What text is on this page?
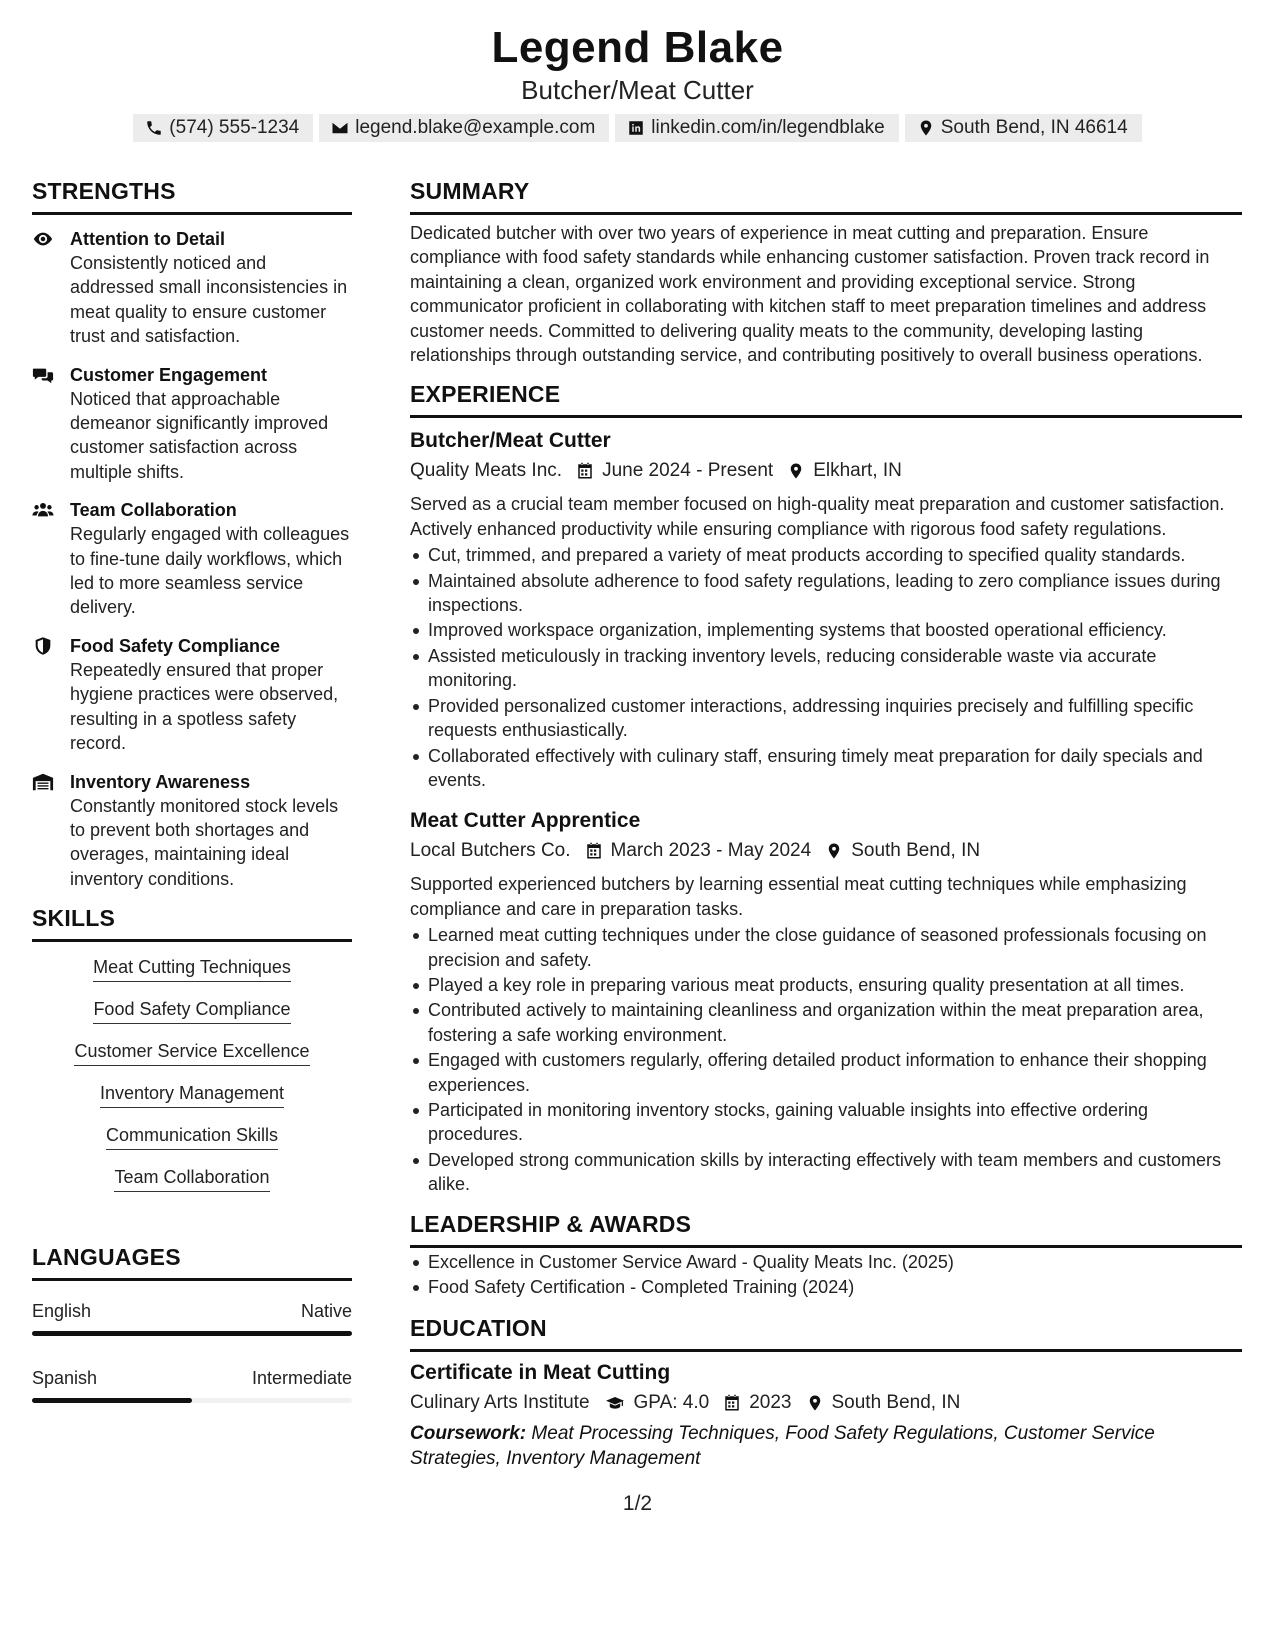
Legend Blake
Butcher/Meat Cutter
(574) 555-1234	legend.blake@example.com	linkedin.com/in/legendblake	South Bend, IN 46614
STRENGTHS
Attention to Detail
Consistently noticed and addressed small inconsistencies in meat quality to ensure customer trust and satisfaction.
Customer Engagement
Noticed that approachable demeanor significantly improved customer satisfaction across multiple shifts.
Team Collaboration
Regularly engaged with colleagues to fine-tune daily workflows, which led to more seamless service delivery.
Food Safety Compliance
Repeatedly ensured that proper hygiene practices were observed, resulting in a spotless safety record.
Inventory Awareness
Constantly monitored stock levels to prevent both shortages and overages, maintaining ideal inventory conditions.
SKILLS
Meat Cutting Techniques
Food Safety Compliance
Customer Service Excellence
Inventory Management
Communication Skills
Team Collaboration
LANGUAGES
English	Native
Spanish	Intermediate
SUMMARY
Dedicated butcher with over two years of experience in meat cutting and preparation. Ensure compliance with food safety standards while enhancing customer satisfaction. Proven track record in maintaining a clean, organized work environment and providing exceptional service. Strong communicator proficient in collaborating with kitchen staff to meet preparation timelines and address customer needs. Committed to delivering quality meats to the community, developing lasting relationships through outstanding service, and contributing positively to overall business operations.
EXPERIENCE
Butcher/Meat Cutter
Quality Meats Inc. June 2024 - Present Elkhart, IN
Served as a crucial team member focused on high-quality meat preparation and customer satisfaction. Actively enhanced productivity while ensuring compliance with rigorous food safety regulations.
Cut, trimmed, and prepared a variety of meat products according to specified quality standards.
Maintained absolute adherence to food safety regulations, leading to zero compliance issues during inspections.
Improved workspace organization, implementing systems that boosted operational efficiency.
Assisted meticulously in tracking inventory levels, reducing considerable waste via accurate monitoring.
Provided personalized customer interactions, addressing inquiries precisely and fulfilling specific requests enthusiastically.
Collaborated effectively with culinary staff, ensuring timely meat preparation for daily specials and events.
Meat Cutter Apprentice
Local Butchers Co. March 2023 - May 2024 South Bend, IN
Supported experienced butchers by learning essential meat cutting techniques while emphasizing compliance and care in preparation tasks.
Learned meat cutting techniques under the close guidance of seasoned professionals focusing on precision and safety.
Played a key role in preparing various meat products, ensuring quality presentation at all times.
Contributed actively to maintaining cleanliness and organization within the meat preparation area, fostering a safe working environment.
Engaged with customers regularly, offering detailed product information to enhance their shopping experiences.
Participated in monitoring inventory stocks, gaining valuable insights into effective ordering procedures.
Developed strong communication skills by interacting effectively with team members and customers alike.
LEADERSHIP & AWARDS
Excellence in Customer Service Award - Quality Meats Inc. (2025)
Food Safety Certification - Completed Training (2024)
EDUCATION
Certificate in Meat Cutting
Culinary Arts Institute GPA: 4.0 2023 South Bend, IN
Coursework: Meat Processing Techniques, Food Safety Regulations, Customer Service Strategies, Inventory Management
1/2
